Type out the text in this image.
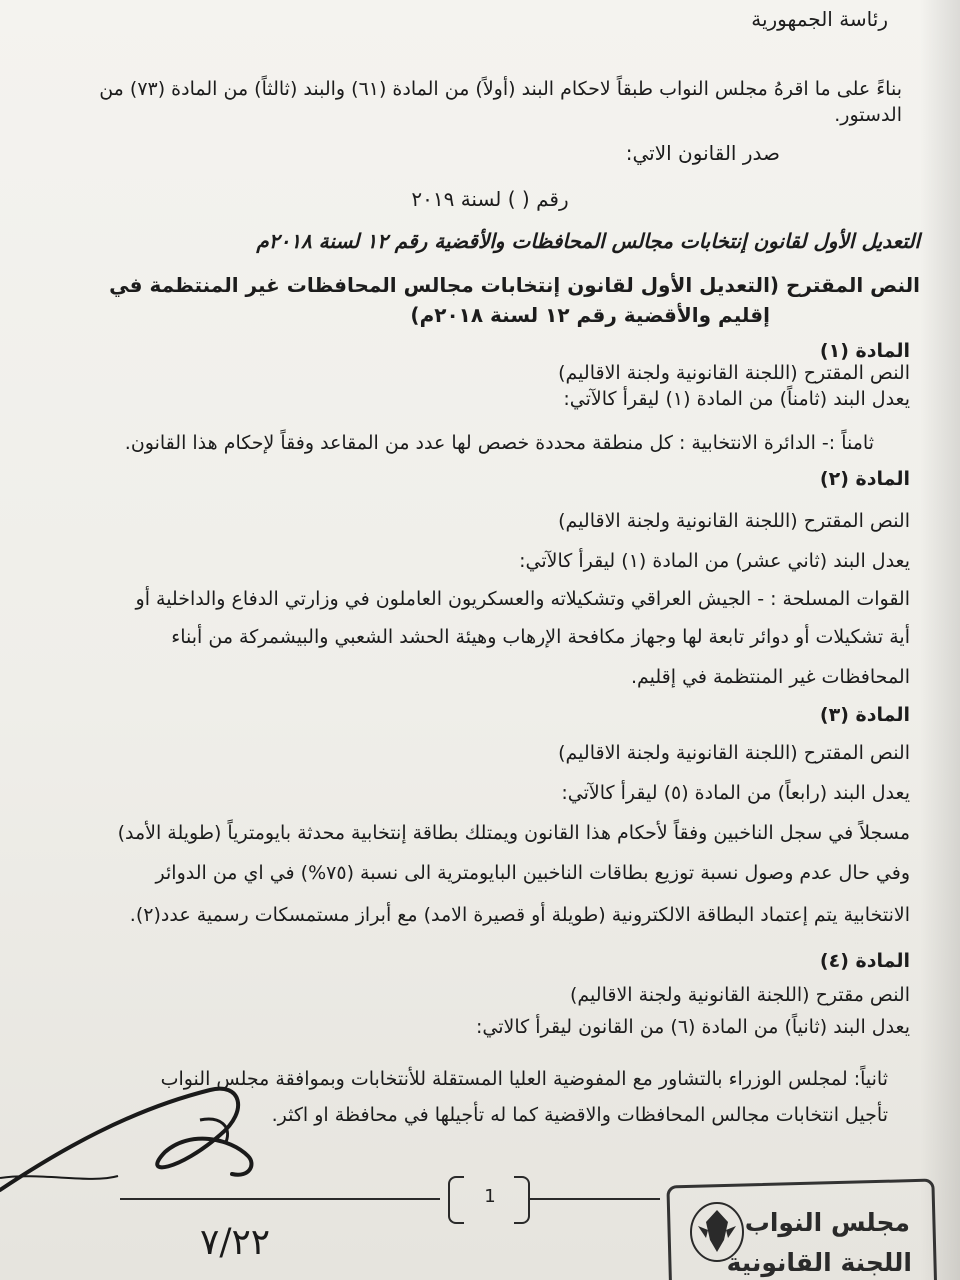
رئاسة الجمهورية
بناءً على ما اقرهُ مجلس النواب طبقاً لاحكام البند (أولاً) من المادة (٦١) والبند (ثالثاً) من المادة (٧٣) من
الدستور.
صدر القانون الاتي:
رقم ( ) لسنة ٢٠١٩
التعديل الأول لقانون إنتخابات مجالس المحافظات والأقضية رقم ١٢ لسنة ٢٠١٨م
النص المقترح (التعديل الأول لقانون إنتخابات مجالس المحافظات غير المنتظمة في
إقليم والأقضية رقم ١٢ لسنة ٢٠١٨م)
المادة (١)
النص المقترح (اللجنة القانونية ولجنة الاقاليم)
يعدل البند (ثامناً) من المادة (١) ليقرأ كالآتي:
ثامناً :- الدائرة الانتخابية : كل منطقة محددة خصص لها عدد من المقاعد وفقاً لإحكام هذا القانون.
المادة (٢)
النص المقترح (اللجنة القانونية ولجنة الاقاليم)
يعدل البند (ثاني عشر) من المادة (١) ليقرأ كالآتي:
القوات المسلحة : - الجيش العراقي وتشكيلاته والعسكريون العاملون في وزارتي الدفاع والداخلية أو
أية تشكيلات أو دوائر تابعة لها وجهاز مكافحة الإرهاب وهيئة الحشد الشعبي والبيشمركة من أبناء
المحافظات غير المنتظمة في إقليم.
المادة (٣)
النص المقترح (اللجنة القانونية ولجنة الاقاليم)
يعدل البند (رابعاً) من المادة (٥) ليقرأ كالآتي:
مسجلاً في سجل الناخبين وفقاً لأحكام هذا القانون ويمتلك بطاقة إنتخابية محدثة بايومترياً (طويلة الأمد)
وفي حال عدم وصول نسبة توزيع بطاقات الناخبين البايومترية الى نسبة (٧٥%) في اي من الدوائر
الانتخابية يتم إعتماد البطاقة الالكترونية (طويلة أو قصيرة الامد) مع أبراز مستمسكات رسمية عدد(٢).
المادة (٤)
النص مقترح (اللجنة القانونية ولجنة الاقاليم)
يعدل البند (ثانياً) من المادة (٦) من القانون ليقرأ كالاتي:
ثانياً: لمجلس الوزراء بالتشاور مع المفوضية العليا المستقلة للأنتخابات وبموافقة مجلس النواب
تأجيل انتخابات مجالس المحافظات والاقضية كما له تأجيلها في محافظة او اكثر.
1
٧/٢٢	مجلس النواب
اللجنة القانونية
